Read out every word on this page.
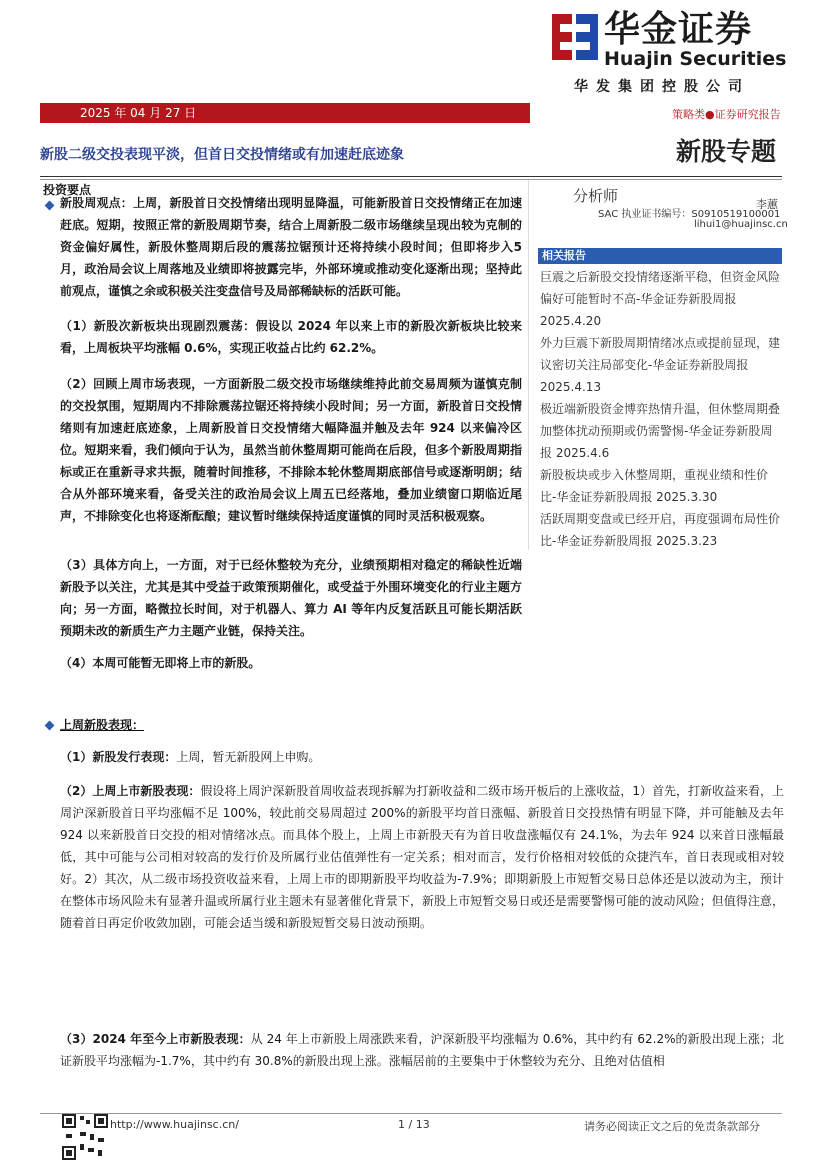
华金证券
Huajin Securities
华发集团控股公司
2025 年 04 月 27 日	策略类●证券研究报告
新股二级交投表现平淡，但首日交投情绪或有加速赶底迹象	新股专题
投资要点
新股周观点：上周，新股首日交投情绪出现明显降温，可能新股首日交投情绪正在加速赶底。短期，按照正常的新股周期节奏，结合上周新股二级市场继续呈现出较为克制的资金偏好属性，新股休整周期后段的震荡拉锯预计还将持续小段时间；但即将步入5月，政治局会议上周落地及业绩即将披露完毕，外部环境或推动变化逐渐出现；坚持此前观点，谨慎之余或积极关注变盘信号及局部稀缺标的活跃可能。
（1）新股次新板块出现剧烈震荡：假设以 2024 年以来上市的新股次新板块比较来看，上周板块平均涨幅 0.6%，实现正收益占比约 62.2%。
（2）回顾上周市场表现，一方面新股二级交投市场继续维持此前交易周频为谨慎克制的交投氛围，短期周内不排除震荡拉锯还将持续小段时间；另一方面，新股首日交投情绪则有加速赶底迹象，上周新股首日交投情绪大幅降温并触及去年 924 以来偏冷区位。短期来看，我们倾向于认为，虽然当前休整周期可能尚在后段，但多个新股周期指标或正在重新寻求共振，随着时间推移，不排除本轮休整周期底部信号或逐渐明朗；结合从外部环境来看，备受关注的政治局会议上周五已经落地，叠加业绩窗口期临近尾声，不排除变化也将逐渐酝酿；建议暂时继续保持适度谨慎的同时灵活积极观察。
（3）具体方向上，一方面，对于已经休整较为充分，业绩预期相对稳定的稀缺性近端新股予以关注，尤其是其中受益于政策预期催化，或受益于外围环境变化的行业主题方向；另一方面，略微拉长时间，对于机器人、算力 AI 等年内反复活跃且可能长期活跃预期未改的新质生产力主题产业链，保持关注。
（4）本周可能暂无即将上市的新股。
上周新股表现：
（1）新股发行表现：上周，暂无新股网上申购。
（2）上周上市新股表现：假设将上周沪深新股首周收益表现拆解为打新收益和二级市场开板后的上涨收益，1）首先，打新收益来看，上周沪深新股首日平均涨幅不足 100%，较此前交易周超过 200%的新股平均首日涨幅、新股首日交投热情有明显下降，并可能触及去年 924 以来新股首日交投的相对情绪冰点。而具体个股上，上周上市新股天有为首日收盘涨幅仅有 24.1%，为去年 924 以来首日涨幅最低，其中可能与公司相对较高的发行价及所属行业估值弹性有一定关系；相对而言，发行价格相对较低的众捷汽车，首日表现或相对较好。2）其次，从二级市场投资收益来看，上周上市的即期新股平均收益为-7.9%；即期新股上市短暂交易日总体还是以波动为主，预计在整体市场风险未有显著升温或所属行业主题未有显著催化背景下，新股上市短暂交易日或还是需要警惕可能的波动风险；但值得注意，随着首日再定价收敛加剧，可能会适当缓和新股短暂交易日波动预期。
（3）2024 年至今上市新股表现：从 24 年上市新股上周涨跌来看，沪深新股平均涨幅为 0.6%，其中约有 62.2%的新股出现上涨；北证新股平均涨幅为-1.7%，其中约有 30.8%的新股出现上涨。涨幅居前的主要集中于休整较为充分、且绝对估值相
分析师	李蕙
SAC 执业证书编号：S0910519100001
lihui1@huajinsc.cn
相关报告

巨震之后新股交投情绪逐渐平稳，但资金风险偏好可能暂时不高-华金证券新股周报 2025.4.20

外力巨震下新股周期情绪冰点或提前显现，建议密切关注局部变化-华金证券新股周报 2025.4.13

极近端新股资金博弈热情升温，但休整周期叠加整体扰动预期或仍需警惕-华金证券新股周报 2025.4.6

新股板块或步入休整周期，重视业绩和性价比-华金证券新股周报 2025.3.30

活跃周期变盘或已经开启，再度强调布局性价比-华金证券新股周报 2025.3.23

http://www.huajinsc.cn/	1 / 13	请务必阅读正文之后的免责条款部分
